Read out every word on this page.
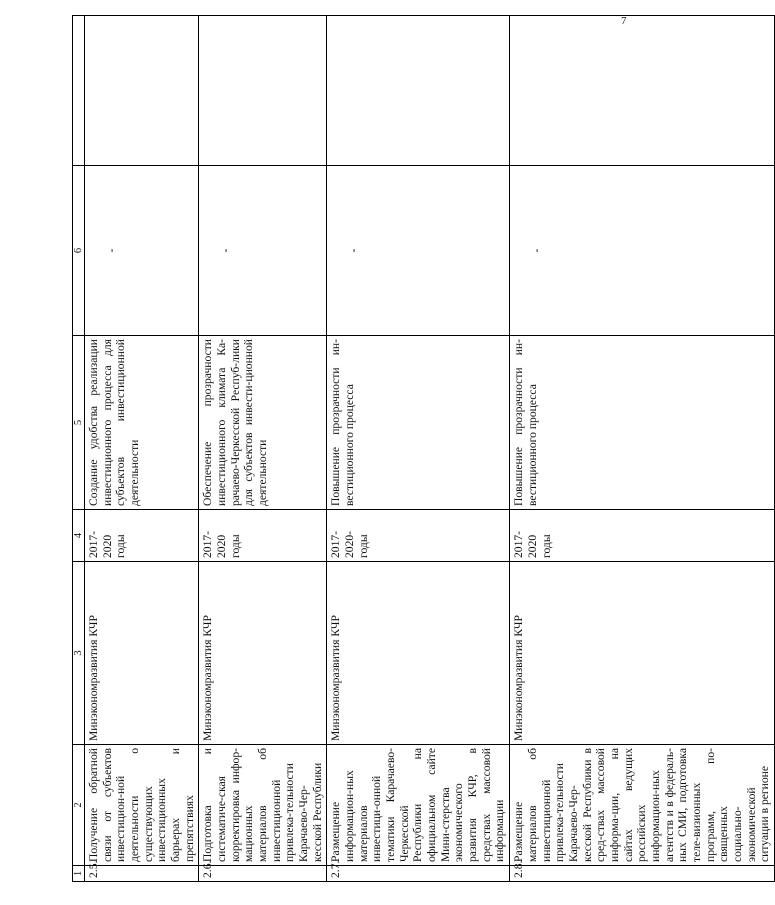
7
1	2	3	4	5	6	
2.5.	Получение обратной связи от субъектов инвестицион-ной деятельности о существующих инвестиционных барьерах и препятствиях	Минэкономразвития КЧР	2017-2020 годы	Создание удобства реализации инвестиционного процесса для субъектов инвестиционной деятельности	-	
2.6.	Подготовка и систематиче-ская корректировка инфор-мационных материалов об инвестиционной привлека-тельности Карачаево-Чер-кесской Республики	Минэкономразвития КЧР	2017-2020 годы	Обеспечение прозрачности инвестиционного климата Ка-рачаево-Черкесской Респуб-лики для субъектов инвести-ционной деятельности	-	
2.7.	Размещение информацион-ных материалов инвестици-онной тематики Карачаево-Черкесской Республики на официальном сайте Мини-стерства экономического развития КЧР, в средствах массовой информации	Минэкономразвития КЧР	2017-2020-годы	Повышение прозрачности ин-вестиционного процесса	-	
2.8.	Размещение материалов об инвестиционной привлека-тельности Карачаево-Чер-кесской Республики в сред-ствах массовой информа-ции, на сайтах ведущих российских информацион-ных агентств и в федераль-ных СМИ, подготовка теле-визионных программ, по-священных социально-экономической ситуации в регионе	Минэкономразвития КЧР	2017-2020 годы	Повышение прозрачности ин-вестиционного процесса	-	
